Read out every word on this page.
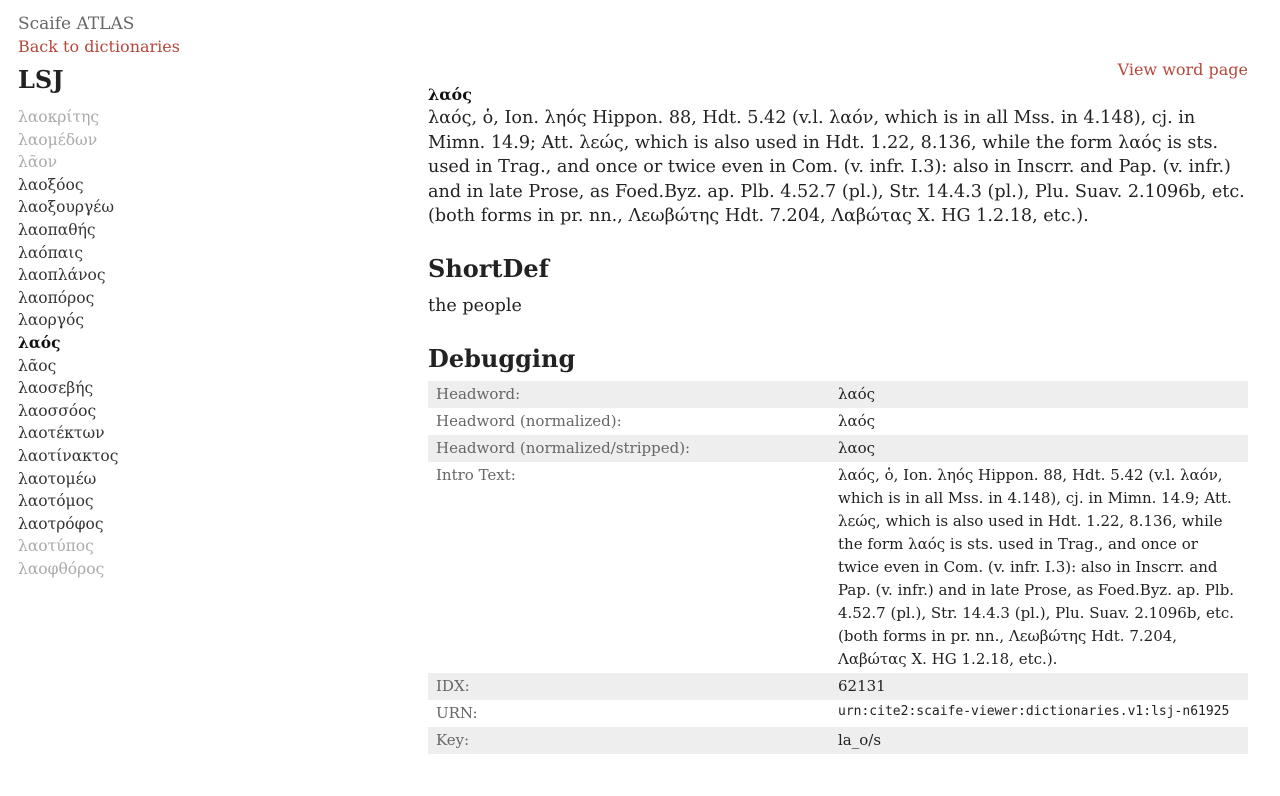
Scaife ATLAS
Back to dictionaries
LSJ
λαοκρίτης
λαομέδων
λᾶον
λαοξόος
λαοξουργέω
λαοπαθής
λαόπαις
λαοπλάνος
λαοπόρος
λαοργός
λαός
λᾶος
λαοσεβής
λαοσσόος
λαοτέκτων
λαοτίνακτος
λαοτομέω
λαοτόμος
λαοτρόφος
λαοτύπος
λαοφθόρος
View word page
λαός

λαός, ὁ, Ion. ληός Hippon. 88, Hdt. 5.42 (v.l. λαόν, which is in all Mss. in 4.148), cj. in Mimn. 14.9; Att. λεώς, which is also used in Hdt. 1.22, 8.136, while the form λαός is sts. used in Trag., and once or twice even in Com. (v. infr. I.3): also in Inscrr. and Pap. (v. infr.) and in late Prose, as Foed.Byz. ap. Plb. 4.52.7 (pl.), Str. 14.4.3 (pl.), Plu. Suav. 2.1096b, etc. (both forms in pr. nn., Λεωβώτης Hdt. 7.204, Λαβώτας X. HG 1.2.18, etc.).

ShortDef

the people

Debugging
Headword:	λαός
Headword (normalized):	λαός
Headword (normalized/stripped):	λαος
Intro Text:	λαός, ὁ, Ion. ληός Hippon. 88, Hdt. 5.42 (v.l. λαόν, which is in all Mss. in 4.148), cj. in Mimn. 14.9; Att. λεώς, which is also used in Hdt. 1.22, 8.136, while the form λαός is sts. used in Trag., and once or twice even in Com. (v. infr. I.3): also in Inscrr. and Pap. (v. infr.) and in late Prose, as Foed.Byz. ap. Plb. 4.52.7 (pl.), Str. 14.4.3 (pl.), Plu. Suav. 2.1096b, etc. (both forms in pr. nn., Λεωβώτης Hdt. 7.204, Λαβώτας X. HG 1.2.18, etc.).
IDX:	62131
URN:	urn:cite2:scaife-viewer:dictionaries.v1:lsj-n61925
Key:	la_o/s
